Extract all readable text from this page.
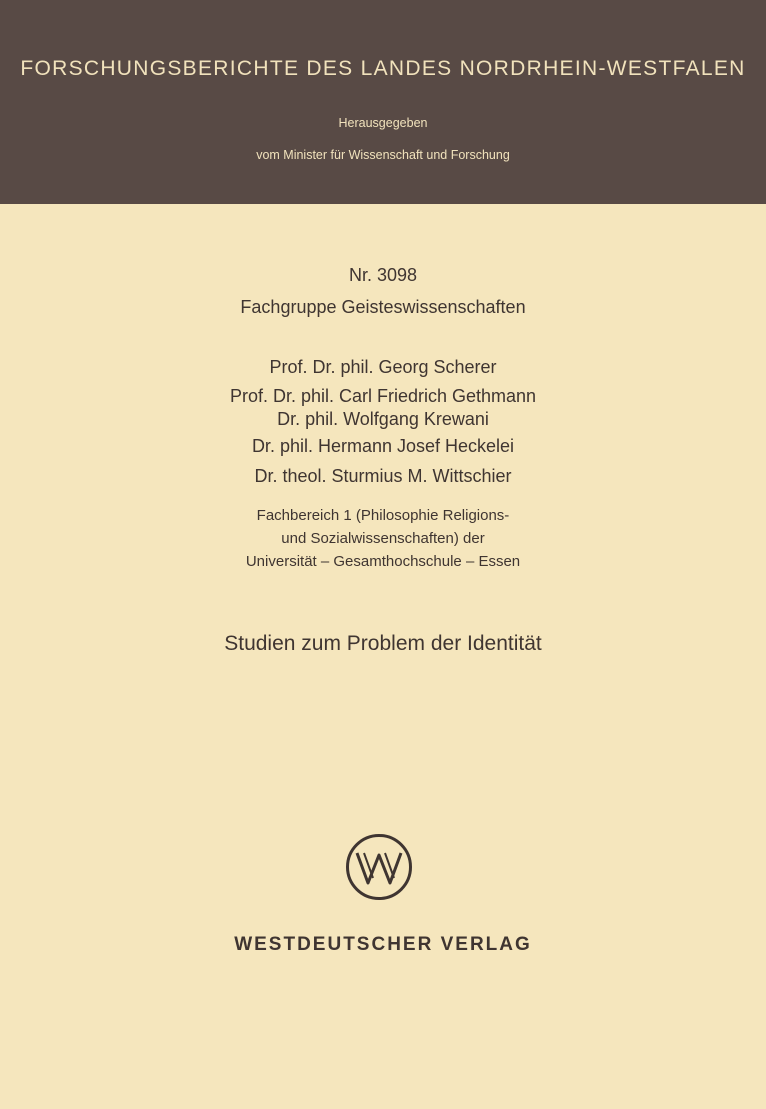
FORSCHUNGSBERICHTE DES LANDES NORDRHEIN-WESTFALEN
Herausgegeben
vom Minister für Wissenschaft und Forschung
Nr. 3098
Fachgruppe Geisteswissenschaften
Prof. Dr. phil. Georg Scherer
Prof. Dr. phil. Carl Friedrich Gethmann
Dr. phil. Wolfgang Krewani
Dr. phil. Hermann Josef Heckelei
Dr. theol. Sturmius M. Wittschier
Fachbereich 1 (Philosophie Religions-
und Sozialwissenschaften) der
Universität – Gesamthochschule – Essen
Studien zum Problem der Identität
WESTDEUTSCHER VERLAG
